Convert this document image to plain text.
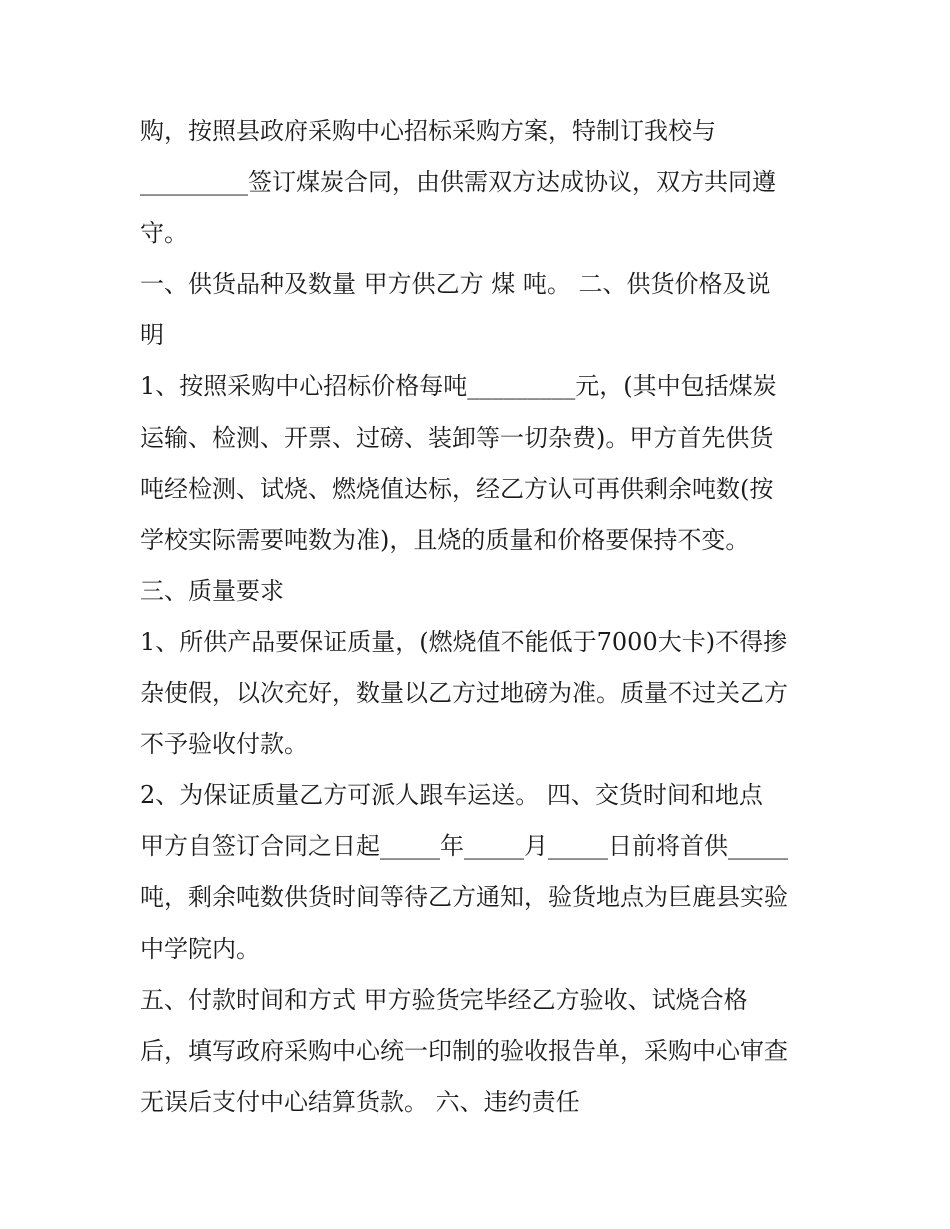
购，按照县政府采购中心招标采购方案，特制订我校与
_________签订煤炭合同，由供需双方达成协议，双方共同遵
守。
一、供货品种及数量 甲方供乙方 煤 吨。 二、供货价格及说
明
1、按照采购中心招标价格每吨_________元，(其中包括煤炭
运输、检测、开票、过磅、装卸等一切杂费)。甲方首先供货
吨经检测、试烧、燃烧值达标，经乙方认可再供剩余吨数(按
学校实际需要吨数为准)，且烧的质量和价格要保持不变。
三、质量要求
1、所供产品要保证质量，(燃烧值不能低于7000大卡)不得掺
杂使假，以次充好，数量以乙方过地磅为准。质量不过关乙方
不予验收付款。
2、为保证质量乙方可派人跟车运送。 四、交货时间和地点
甲方自签订合同之日起_____年_____月_____日前将首供_____
吨，剩余吨数供货时间等待乙方通知，验货地点为巨鹿县实验
中学院内。
五、付款时间和方式 甲方验货完毕经乙方验收、试烧合格
后，填写政府采购中心统一印制的验收报告单，采购中心审查
无误后支付中心结算货款。 六、违约责任
